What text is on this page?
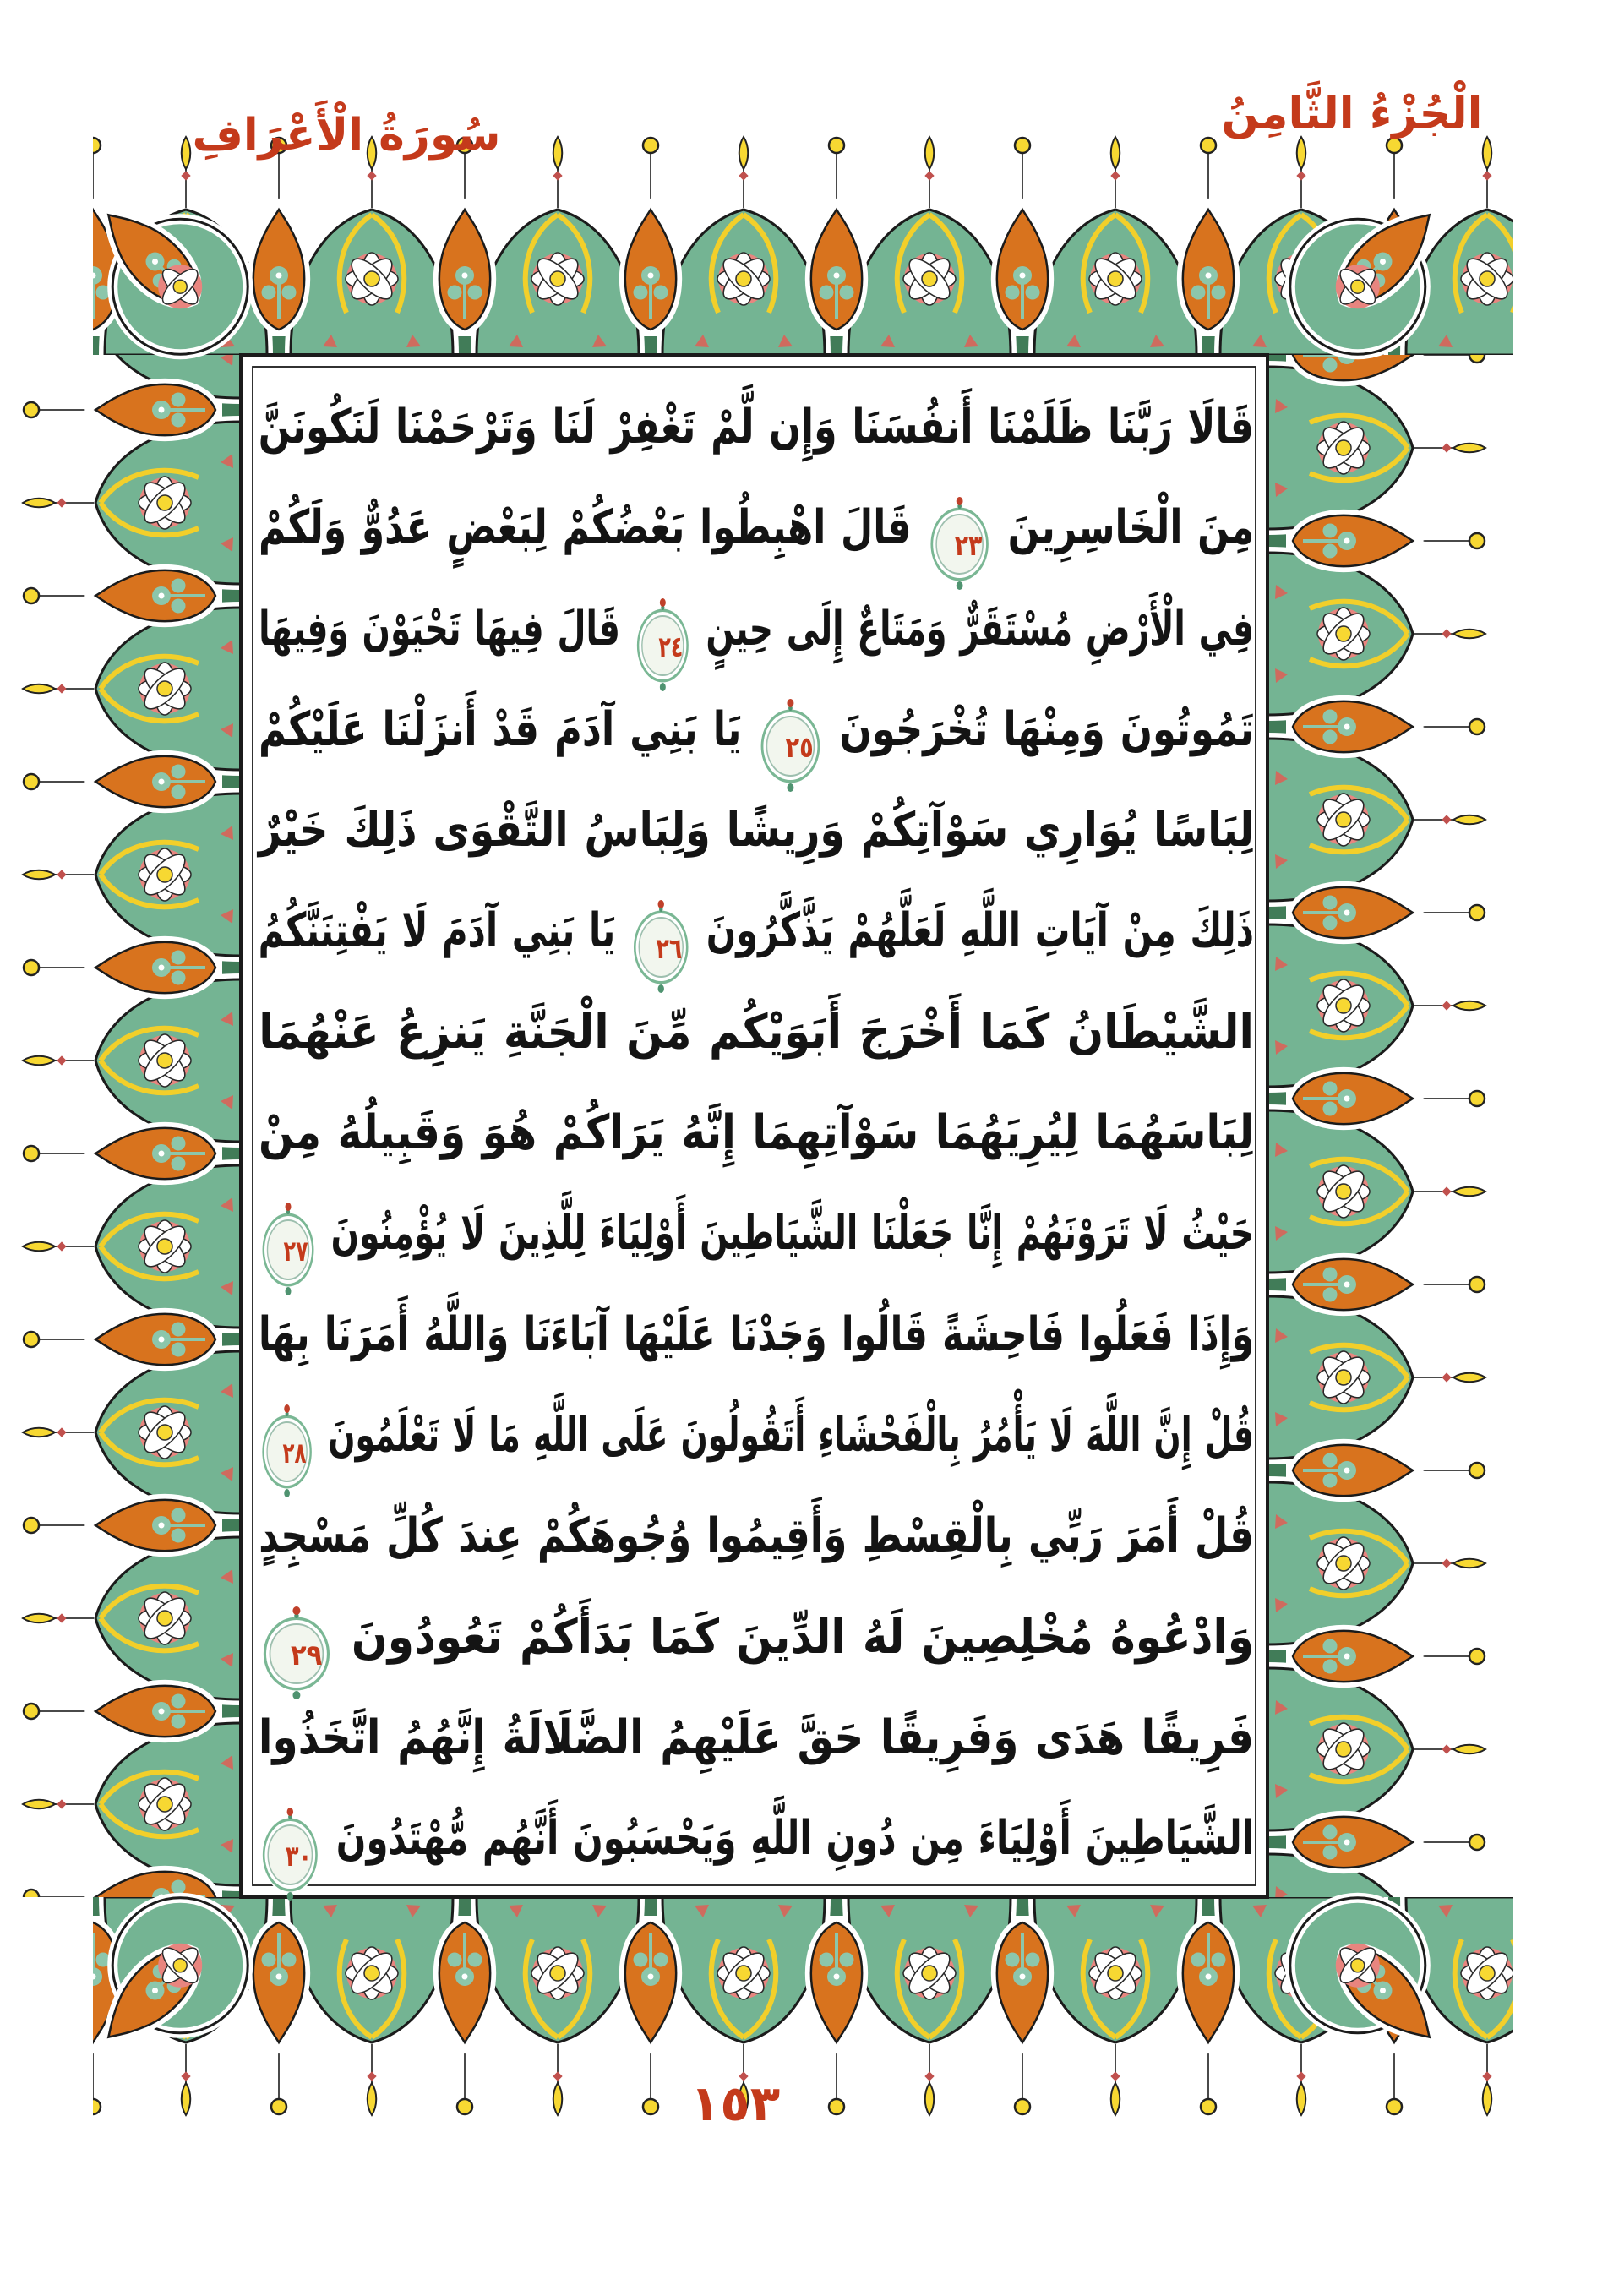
سُورَةُ الْأَعْرَافِ	الْجُزْءُ الثَّامِنُ
قَالَا رَبَّنَا ظَلَمْنَا أَنفُسَنَا وَإِن لَّمْ تَغْفِرْ لَنَا وَتَرْحَمْنَا لَنَكُونَنَّ
مِنَ الْخَاسِرِينَ ٢٣ قَالَ اهْبِطُوا بَعْضُكُمْ لِبَعْضٍ عَدُوٌّ وَلَكُمْ
فِي الْأَرْضِ مُسْتَقَرٌّ وَمَتَاعٌ إِلَى حِينٍ ٢٤ قَالَ فِيهَا تَحْيَوْنَ وَفِيهَا
تَمُوتُونَ وَمِنْهَا تُخْرَجُونَ ٢٥ يَا بَنِي آدَمَ قَدْ أَنزَلْنَا عَلَيْكُمْ
لِبَاسًا يُوَارِي سَوْآتِكُمْ وَرِيشًا وَلِبَاسُ التَّقْوَى ذَلِكَ خَيْرٌ
ذَلِكَ مِنْ آيَاتِ اللَّهِ لَعَلَّهُمْ يَذَّكَّرُونَ ٢٦ يَا بَنِي آدَمَ لَا يَفْتِنَنَّكُمُ
الشَّيْطَانُ كَمَا أَخْرَجَ أَبَوَيْكُم مِّنَ الْجَنَّةِ يَنزِعُ عَنْهُمَا
لِبَاسَهُمَا لِيُرِيَهُمَا سَوْآتِهِمَا إِنَّهُ يَرَاكُمْ هُوَ وَقَبِيلُهُ مِنْ
حَيْثُ لَا تَرَوْنَهُمْ إِنَّا جَعَلْنَا الشَّيَاطِينَ أَوْلِيَاءَ لِلَّذِينَ لَا يُؤْمِنُونَ ٢٧
وَإِذَا فَعَلُوا فَاحِشَةً قَالُوا وَجَدْنَا عَلَيْهَا آبَاءَنَا وَاللَّهُ أَمَرَنَا بِهَا
قُلْ إِنَّ اللَّهَ لَا يَأْمُرُ بِالْفَحْشَاءِ أَتَقُولُونَ عَلَى اللَّهِ مَا لَا تَعْلَمُونَ ٢٨
قُلْ أَمَرَ رَبِّي بِالْقِسْطِ وَأَقِيمُوا وُجُوهَكُمْ عِندَ كُلِّ مَسْجِدٍ
وَادْعُوهُ مُخْلِصِينَ لَهُ الدِّينَ كَمَا بَدَأَكُمْ تَعُودُونَ ٢٩
فَرِيقًا هَدَى وَفَرِيقًا حَقَّ عَلَيْهِمُ الضَّلَالَةُ إِنَّهُمُ اتَّخَذُوا
الشَّيَاطِينَ أَوْلِيَاءَ مِن دُونِ اللَّهِ وَيَحْسَبُونَ أَنَّهُم مُّهْتَدُونَ ٣٠
١٥٣
